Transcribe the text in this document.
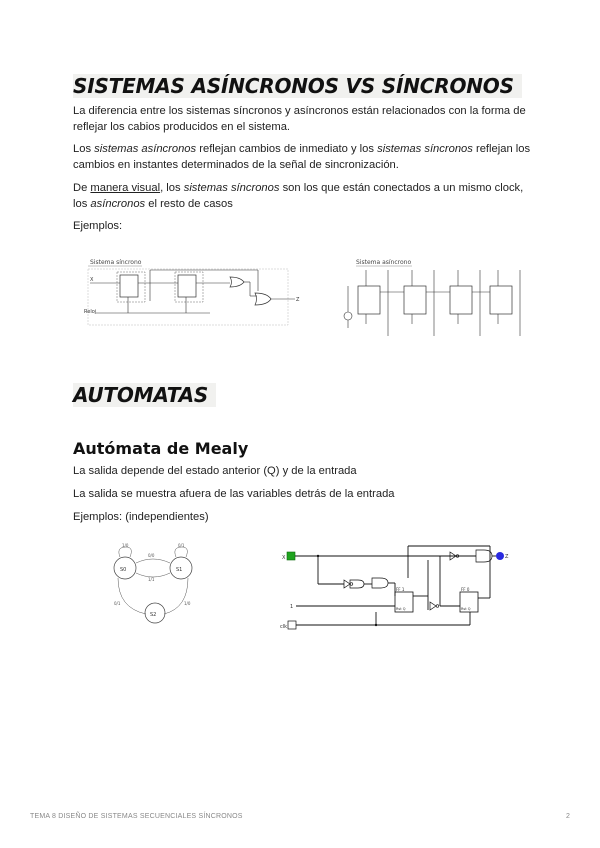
SISTEMAS ASÍNCRONOS VS SÍNCRONOS
La diferencia entre los sistemas síncronos y asíncronos están relacionados con la forma de reflejar los cabios producidos en el sistema.
Los sistemas asíncronos reflejan cambios de inmediato y los sistemas síncronos reflejan los cambios en instantes determinados de la señal de sincronización.
De manera visual, los sistemas síncronos son los que están conectados a un mismo clock, los asíncronos el resto de casos
Ejemplos:
Sistema síncrono
X
Z
Reloj
Sistema asíncrono
AUTOMATAS
Autómata de Mealy
La salida depende del estado anterior (Q) y de la entrada
La salida se muestra afuera de las variables detrás de la entrada
Ejemplos: (independientes)
S0	S1
S2
1/0	0/1
0/0
1/1
0/1	1/0
X
FF 1
Rst Q
FF 0
Rst Q
Z
1
clk
TEMA 8 DISEÑO DE SISTEMAS SECUENCIALES SÍNCRONOS	2
